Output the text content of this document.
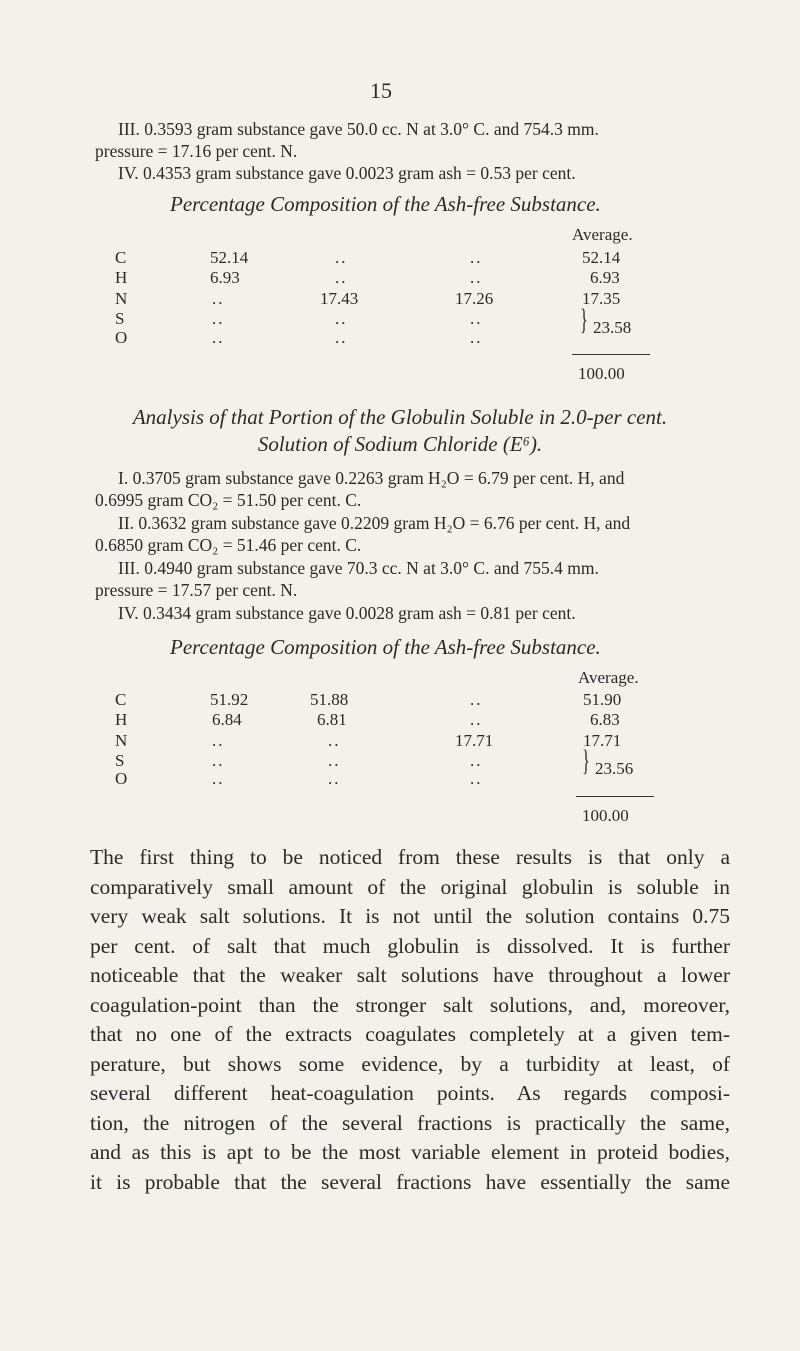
15
III. 0.3593 gram substance gave 50.0 cc. N at 3.0° C. and 754.3 mm.
pressure = 17.16 per cent. N.
IV. 0.4353 gram substance gave 0.0023 gram ash = 0.53 per cent.
Percentage Composition of the Ash-free Substance.
Average.
C	52.14	..	..	52.14
H	6.93	..	..	6.93
N	..	17.43	17.26	17.35
S	..	..	..
O	..	..	..
} 23.58
100.00
Analysis of that Portion of the Globulin Soluble in 2.0-per cent.
Solution of Sodium Chloride (E⁶).
I. 0.3705 gram substance gave 0.2263 gram H₂O = 6.79 per cent. H, and
0.6995 gram CO₂ = 51.50 per cent. C.
II. 0.3632 gram substance gave 0.2209 gram H₂O = 6.76 per cent. H, and
0.6850 gram CO₂ = 51.46 per cent. C.
III. 0.4940 gram substance gave 70.3 cc. N at 3.0° C. and 755.4 mm.
pressure = 17.57 per cent. N.
IV. 0.3434 gram substance gave 0.0028 gram ash = 0.81 per cent.
Percentage Composition of the Ash-free Substance.
Average.
C	51.92	51.88	..	51.90
H	6.84	6.81	..	6.83
N	..	..	17.71	17.71
S	..	..	..
O	..	..	..
} 23.56
100.00
The first thing to be noticed from these results is that only a
comparatively small amount of the original globulin is soluble in
very weak salt solutions. It is not until the solution contains 0.75
per cent. of salt that much globulin is dissolved. It is further
noticeable that the weaker salt solutions have throughout a lower
coagulation-point than the stronger salt solutions, and, moreover,
that no one of the extracts coagulates completely at a given tem-
perature, but shows some evidence, by a turbidity at least, of
several different heat-coagulation points. As regards composi-
tion, the nitrogen of the several fractions is practically the same,
and as this is apt to be the most variable element in proteid bodies,
it is probable that the several fractions have essentially the same
